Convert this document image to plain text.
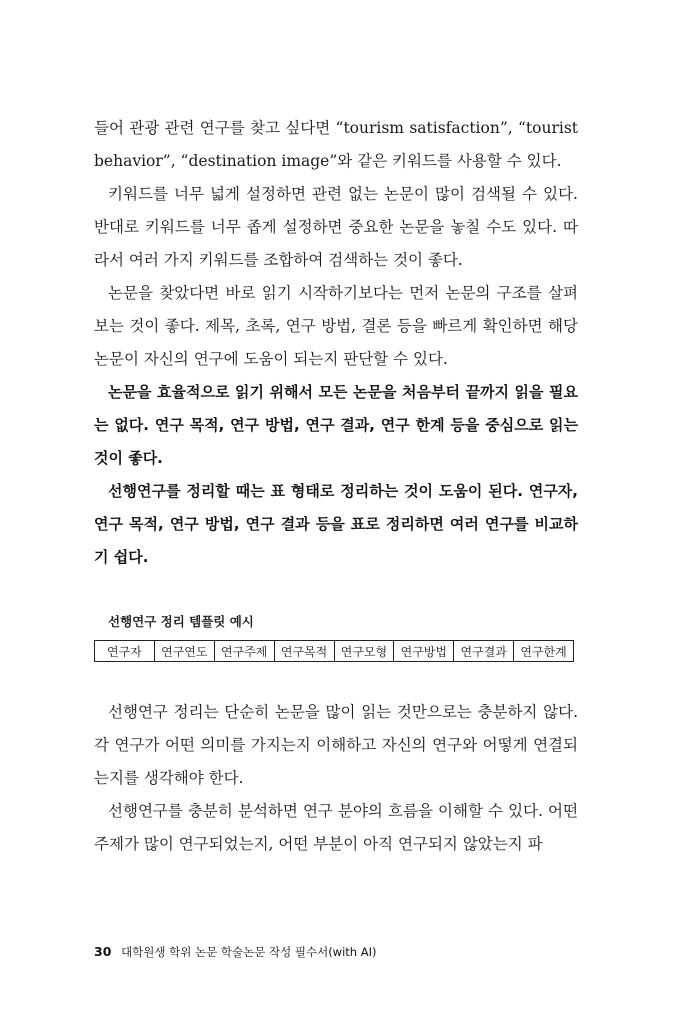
들어 관광 관련 연구를 찾고 싶다면 “tourism satisfaction”, “tourist behavior”, “destination image”와 같은 키워드를 사용할 수 있다.

키워드를 너무 넓게 설정하면 관련 없는 논문이 많이 검색될 수 있다. 반대로 키워드를 너무 좁게 설정하면 중요한 논문을 놓칠 수도 있다. 따라서 여러 가지 키워드를 조합하여 검색하는 것이 좋다.

논문을 찾았다면 바로 읽기 시작하기보다는 먼저 논문의 구조를 살펴보는 것이 좋다. 제목, 초록, 연구 방법, 결론 등을 빠르게 확인하면 해당 논문이 자신의 연구에 도움이 되는지 판단할 수 있다.

논문을 효율적으로 읽기 위해서 모든 논문을 처음부터 끝까지 읽을 필요는 없다. 연구 목적, 연구 방법, 연구 결과, 연구 한계 등을 중심으로 읽는 것이 좋다.

선행연구를 정리할 때는 표 형태로 정리하는 것이 도움이 된다. 연구자, 연구 목적, 연구 방법, 연구 결과 등을 표로 정리하면 여러 연구를 비교하기 쉽다.

선행연구 정리 템플릿 예시
연구자	연구연도	연구주제	연구목적	연구모형	연구방법	연구결과	연구한계

선행연구 정리는 단순히 논문을 많이 읽는 것만으로는 충분하지 않다. 각 연구가 어떤 의미를 가지는지 이해하고 자신의 연구와 어떻게 연결되는지를 생각해야 한다.

선행연구를 충분히 분석하면 연구 분야의 흐름을 이해할 수 있다. 어떤 주제가 많이 연구되었는지, 어떤 부분이 아직 연구되지 않았는지 파

30 대학원생 학위 논문 학술논문 작성 필수서(with AI)
